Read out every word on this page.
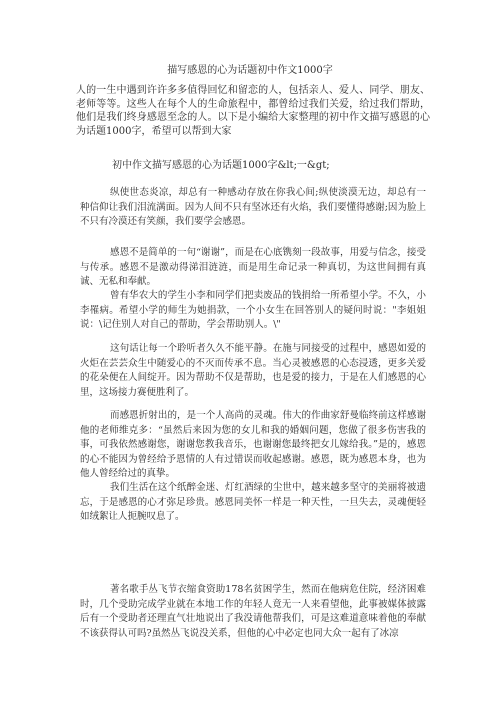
描写感恩的心为话题初中作文1000字

人的一生中遇到许许多多值得回忆和留恋的人，包括亲人、爱人、同学、朋友、老师等等。这些人在每个人的生命旅程中，都曾给过我们关爱，给过我们帮助，他们是我们终身感恩至念的人。以下是小编给大家整理的初中作文描写感恩的心为话题1000字，希望可以帮到大家

初中作文描写感恩的心为话题1000字&lt;一&gt;

纵使世态炎凉，却总有一种感动存放在你我心间;纵使淡漠无边，却总有一种信仰让我们泪流满面。因为人间不只有坚冰还有火焰，我们要懂得感谢;因为脸上不只有冷漠还有笑颜，我们要学会感恩。

感恩不是简单的一句“谢谢”，而是在心底镌刻一段故事，用爱与信念，接受与传承。感恩不是激动得涕泪涟涟，而是用生命记录一种真切，为这世间拥有真诚、无私和奉献。

曾有华农大的学生小李和同学们把卖废品的钱捐给一所希望小学。不久，小李罹病。希望小学的师生为她捐款，一个小女生在回答别人的疑问时说："李姐姐说：\记住别人对自己的帮助，学会帮助别人。\"

这句话让每一个聆听者久久不能平静。在施与同接受的过程中，感恩如爱的火炬在芸芸众生中随爱心的不灭而传承不息。当心灵被感恩的心态浸透，更多关爱的花朵便在人间绽开。因为帮助不仅是帮助，也是爱的接力，于是在人们感恩的心里，这场接力赛便胜利了。

而感恩折射出的，是一个人高尚的灵魂。伟大的作曲家舒曼临终前这样感谢他的老师维克多：“虽然后来因为您的女儿和我的婚姻问题，您做了很多伤害我的事，可我依然感谢您，谢谢您教我音乐，也谢谢您最终把女儿嫁给我。”是的，感恩的心不能因为曾经给予恩情的人有过错误而收起感谢。感恩，既为感恩本身，也为他人曾经给过的真挚。

我们生活在这个纸醉金迷、灯红酒绿的尘世中，越来越多坚守的美丽将被遗忘，于是感恩的心才弥足珍贵。感恩同美怀一样是一种天性，一旦失去，灵魂便轻如绒絮让人扼腕叹息了。

著名歌手丛飞节衣缩食资助178名贫困学生，然而在他病危住院，经济困难时，几个受助完成学业就在本地工作的年轻人竟无一人来看望他，此事被媒体披露后有一个受助者还理直气壮地说出了我没请他帮我们，可是这难道意味着他的奉献不该获得认可吗?虽然丛飞说没关系，但他的心中必定也同大众一起有了冰凉
